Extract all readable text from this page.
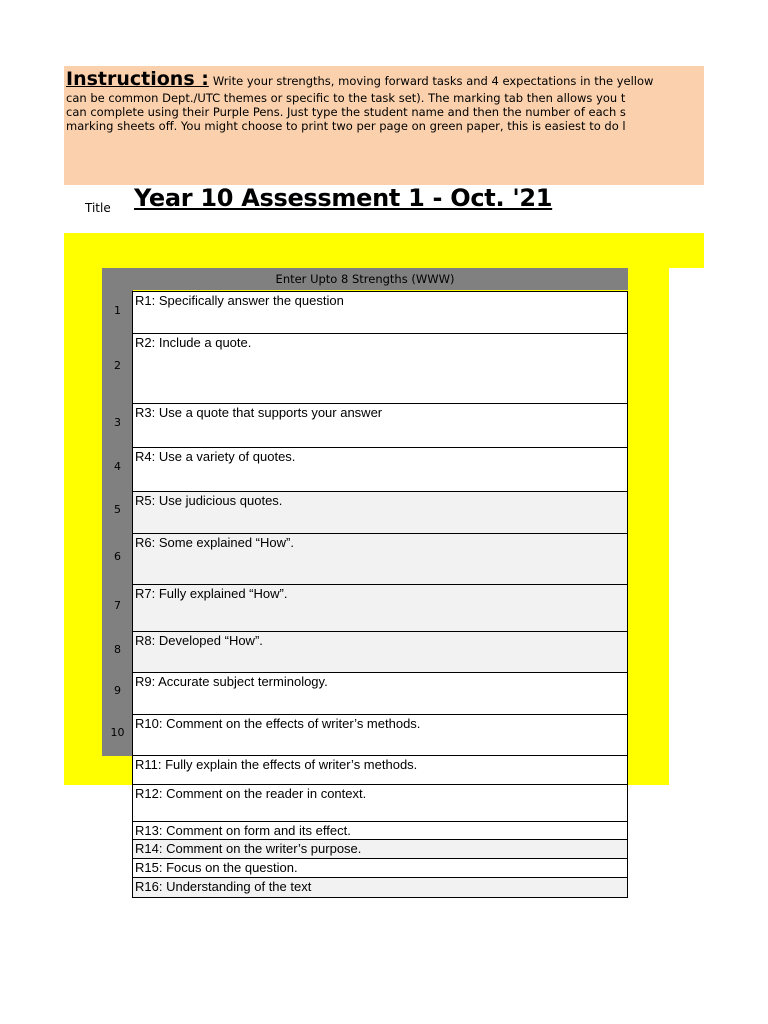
Instructions : Write your strengths, moving forward tasks and 4 expectations in the yellow
can be common Dept./UTC themes or specific to the task set). The marking tab then allows you t
can complete using their Purple Pens. Just type the student name and then the number of each s
marking sheets off. You might choose to print two per page on green paper, this is easiest to do l
Title Year 10 Assessment 1 - Oct. '21
Enter Upto 8 Strengths (WWW)
1
2
3
4
5
6
7
8
9
10
R1: Specifically answer the question
R2: Include a quote.
R3: Use a quote that supports your answer
R4: Use a variety of quotes.
R5: Use judicious quotes.
R6: Some explained “How”.
R7: Fully explained “How”.
R8: Developed “How”.
R9: Accurate subject terminology.
R10: Comment on the effects of writer’s methods.
R11: Fully explain the effects of writer’s methods.
R12: Comment on the reader in context.
R13: Comment on form and its effect.
R14: Comment on the writer’s purpose.
R15: Focus on the question.
R16: Understanding of the text
